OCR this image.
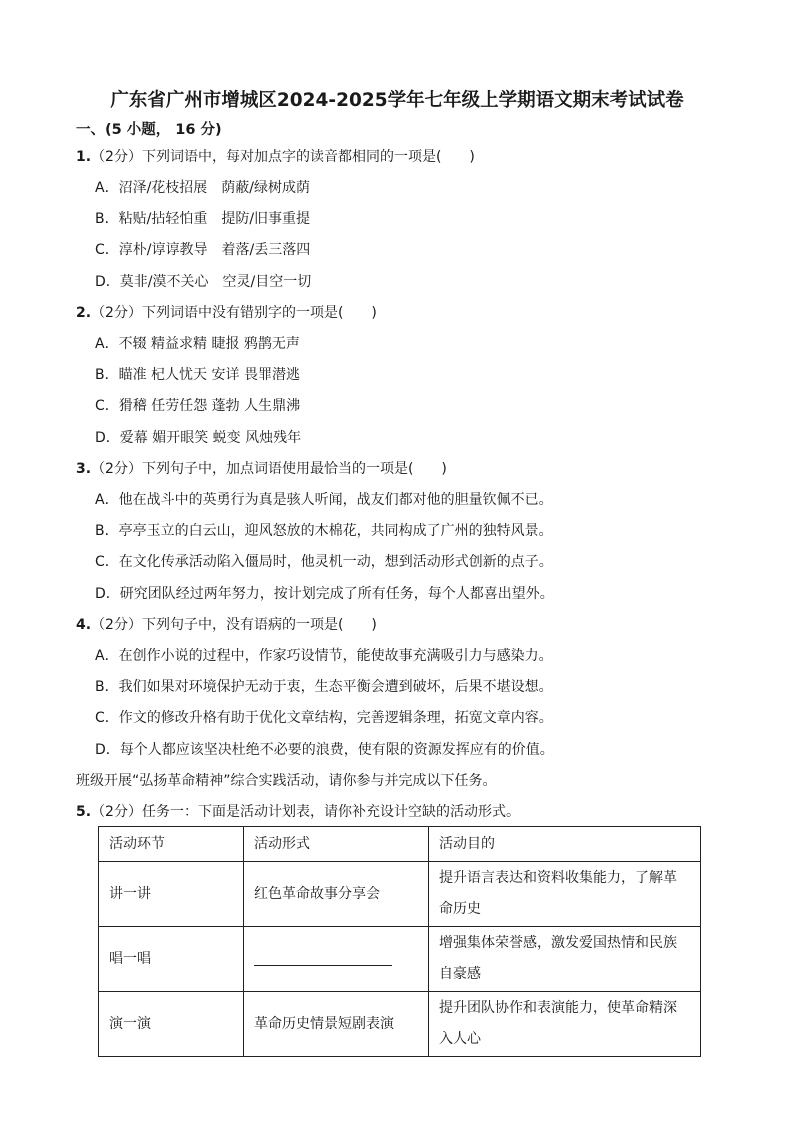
广东省广州市增城区2024-2025学年七年级上学期语文期末考试试卷
一、(5 小题， 16 分)
1.（2分）下列词语中，每对加点字的读音都相同的一项是(　　)
A．沼泽/花枝招展　荫蔽/绿树成荫
B．粘贴/拈轻怕重　提防/旧事重提
C．淳朴/谆谆教导　着落/丢三落四
D．莫非/漠不关心　空灵/目空一切
2.（2分）下列词语中没有错别字的一项是(　　)
A．不辍 精益求精 睫报 鸦鹊无声
B．瞄准 杞人忧天 安详 畏罪潜逃
C．猾稽 任劳任怨 蓬勃 人生鼎沸
D．爱幕 媚开眼笑 蜕变 风烛残年
3.（2分）下列句子中，加点词语使用最恰当的一项是(　　)
A．他在战斗中的英勇行为真是骇人听闻，战友们都对他的胆量钦佩不已。
B．亭亭玉立的白云山，迎风怒放的木棉花，共同构成了广州的独特风景。
C．在文化传承活动陷入僵局时，他灵机一动，想到活动形式创新的点子。
D．研究团队经过两年努力，按计划完成了所有任务，每个人都喜出望外。
4.（2分）下列句子中，没有语病的一项是(　　)
A．在创作小说的过程中，作家巧设情节，能使故事充满吸引力与感染力。
B．我们如果对环境保护无动于衷，生态平衡会遭到破坏，后果不堪设想。
C．作文的修改升格有助于优化文章结构，完善逻辑条理，拓宽文章内容。
D．每个人都应该坚决杜绝不必要的浪费，使有限的资源发挥应有的价值。
班级开展“弘扬革命精神”综合实践活动，请你参与并完成以下任务。
5.（2分）任务一：下面是活动计划表，请你补充设计空缺的活动形式。
活动环节	活动形式	活动目的
讲一讲	红色革命故事分享会	提升语言表达和资料收集能力，了解革命历史
唱一唱		增强集体荣誉感，激发爱国热情和民族自豪感
演一演	革命历史情景短剧表演	提升团队协作和表演能力，使革命精深入人心
